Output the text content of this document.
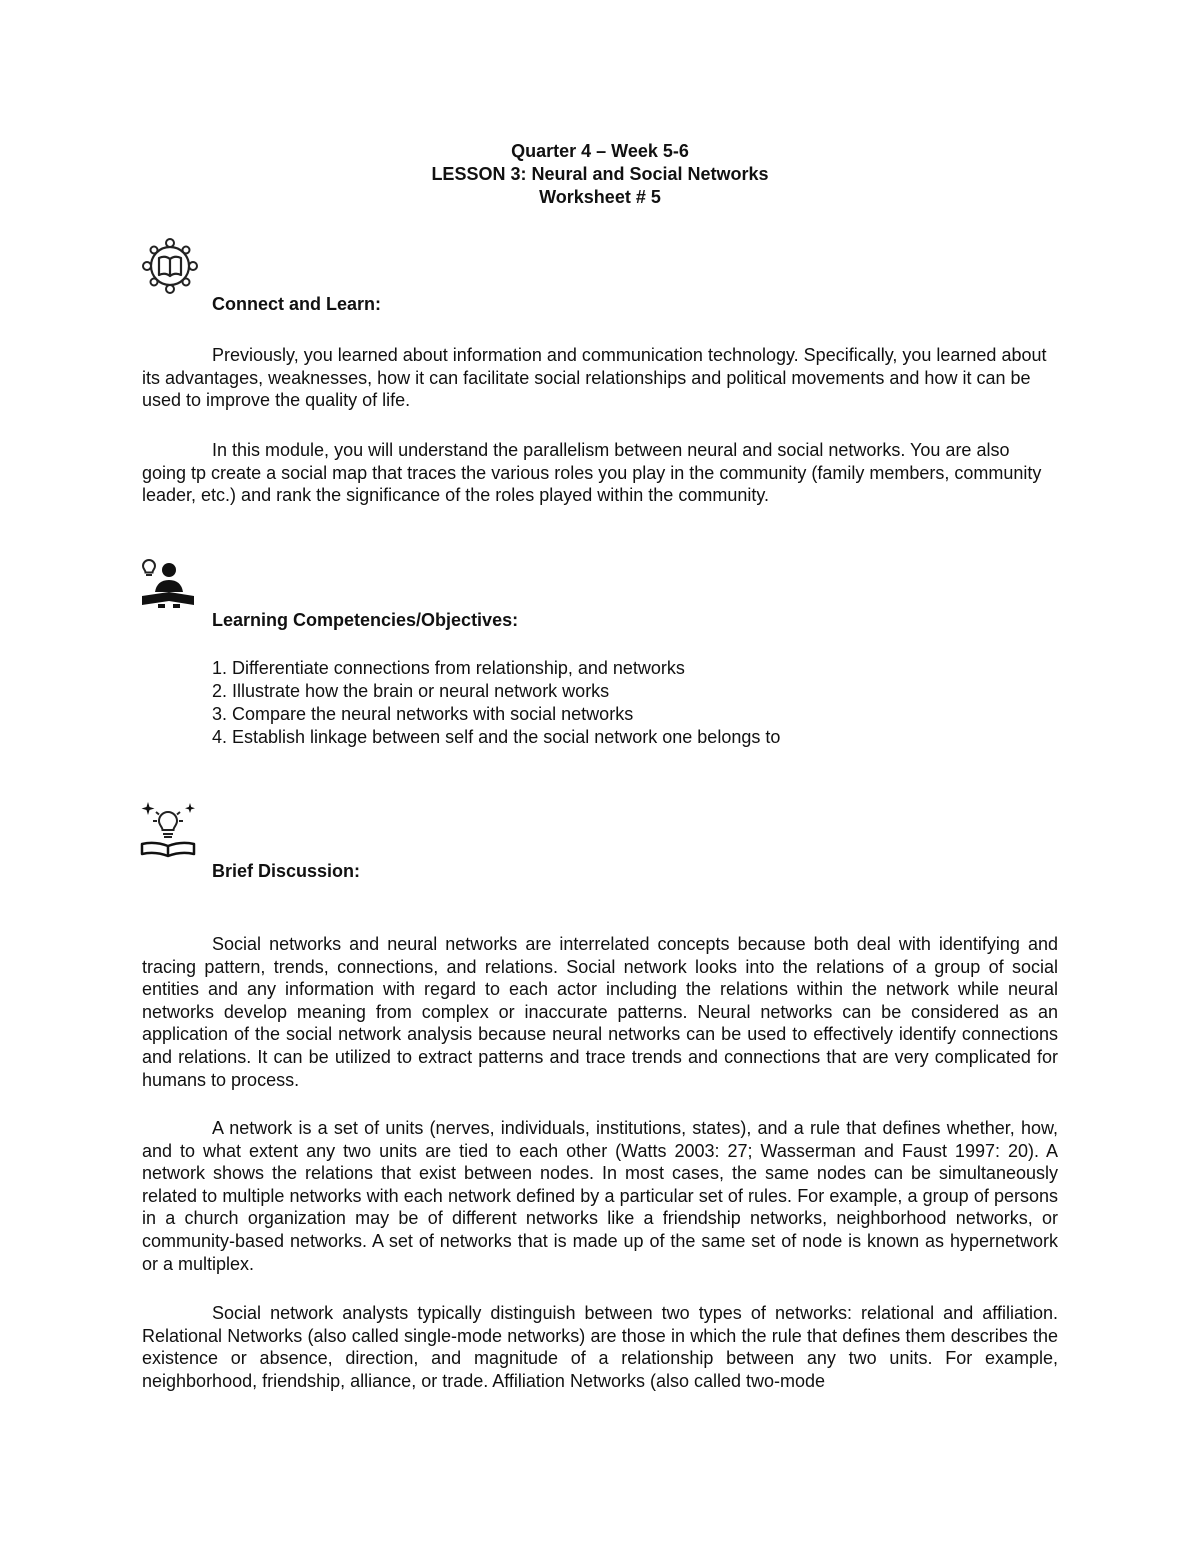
Quarter 4 – Week 5-6
LESSON 3: Neural and Social Networks
Worksheet # 5
Connect and Learn:

Previously, you learned about information and communication technology. Specifically, you learned about its advantages, weaknesses, how it can facilitate social relationships and political movements and how it can be used to improve the quality of life.

In this module, you will understand the parallelism between neural and social networks. You are also going tp create a social map that traces the various roles you play in the community (family members, community leader, etc.) and rank the significance of the roles played within the community.

Learning Competencies/Objectives:
1. Differentiate connections from relationship, and networks
2. Illustrate how the brain or neural network works
3. Compare the neural networks with social networks
4. Establish linkage between self and the social network one belongs to
Brief Discussion:

Social networks and neural networks are interrelated concepts because both deal with identifying and tracing pattern, trends, connections, and relations. Social network looks into the relations of a group of social entities and any information with regard to each actor including the relations within the network while neural networks develop meaning from complex or inaccurate patterns. Neural networks can be considered as an application of the social network analysis because neural networks can be used to effectively identify connections and relations. It can be utilized to extract patterns and trace trends and connections that are very complicated for humans to process.

A network is a set of units (nerves, individuals, institutions, states), and a rule that defines whether, how, and to what extent any two units are tied to each other (Watts 2003: 27; Wasserman and Faust 1997: 20). A network shows the relations that exist between nodes. In most cases, the same nodes can be simultaneously related to multiple networks with each network defined by a particular set of rules. For example, a group of persons in a church organization may be of different networks like a friendship networks, neighborhood networks, or community-based networks. A set of networks that is made up of the same set of node is known as hypernetwork or a multiplex.

Social network analysts typically distinguish between two types of networks: relational and affiliation. Relational Networks (also called single-mode networks) are those in which the rule that defines them describes the existence or absence, direction, and magnitude of a relationship between any two units. For example, neighborhood, friendship, alliance, or trade. Affiliation Networks (also called two-mode
